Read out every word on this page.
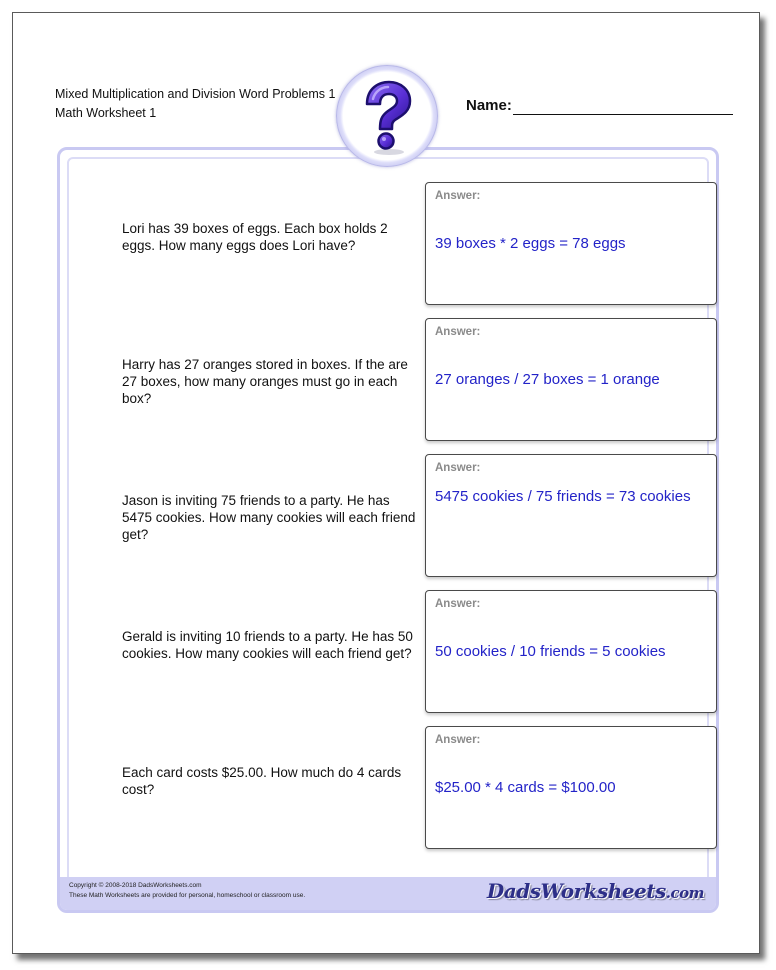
Mixed Multiplication and Division Word Problems 1
Math Worksheet 1	Name:
Lori has 39 boxes of eggs. Each box holds 2 eggs. How many eggs does Lori have?
Answer:
39 boxes * 2 eggs = 78 eggs
Harry has 27 oranges stored in boxes. If the are 27 boxes, how many oranges must go in each box?
Answer:
27 oranges / 27 boxes = 1 orange
Jason is inviting 75 friends to a party. He has 5475 cookies. How many cookies will each friend get?
Answer:
5475 cookies / 75 friends = 73 cookies
Gerald is inviting 10 friends to a party. He has 50 cookies. How many cookies will each friend get?
Answer:
50 cookies / 10 friends = 5 cookies
Each card costs $25.00. How much do 4 cards cost?
Answer:
$25.00 * 4 cards = $100.00
Copyright © 2008-2018 DadsWorksheets.com
These Math Worksheets are provided for personal, homeschool or classroom use.	DadsWorksheets.com
